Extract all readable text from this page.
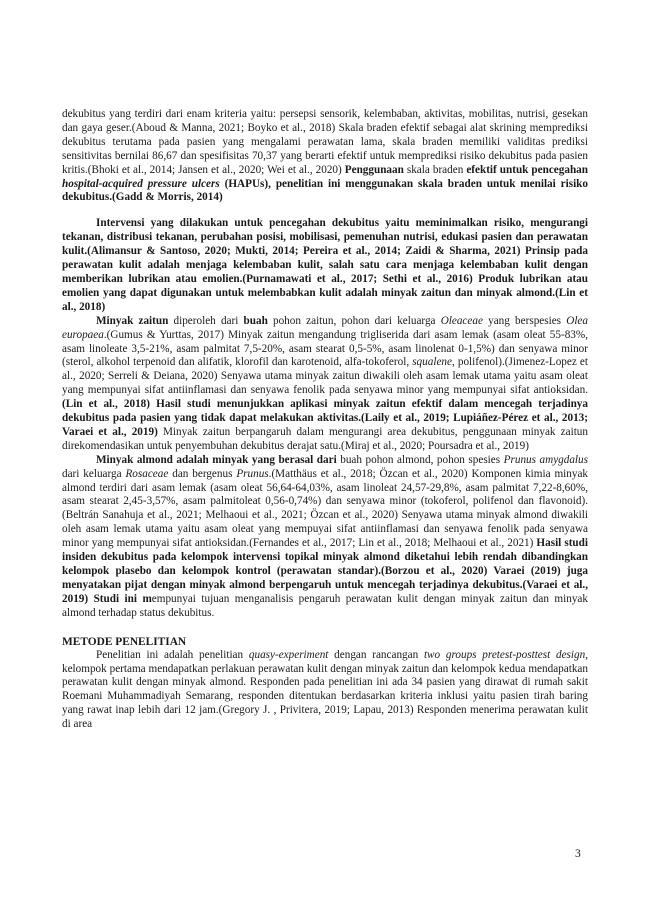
dekubitus yang terdiri dari enam kriteria yaitu: persepsi sensorik, kelembaban, aktivitas, mobilitas, nutrisi, gesekan dan gaya geser.(Aboud & Manna, 2021; Boyko et al., 2018) Skala braden efektif sebagai alat skrining memprediksi dekubitus terutama pada pasien yang mengalami perawatan lama, skala braden memiliki validitas prediksi sensitivitas bernilai 86,67 dan spesifisitas 70,37 yang berarti efektif untuk memprediksi risiko dekubitus pada pasien kritis.(Bhoki et al., 2014; Jansen et al., 2020; Wei et al., 2020) Penggunaan skala braden efektif untuk pencegahan hospital-acquired pressure ulcers (HAPUs), penelitian ini menggunakan skala braden untuk menilai risiko dekubitus.(Gadd & Morris, 2014)

Intervensi yang dilakukan untuk pencegahan dekubitus yaitu meminimalkan risiko, mengurangi tekanan, distribusi tekanan, perubahan posisi, mobilisasi, pemenuhan nutrisi, edukasi pasien dan perawatan kulit.(Alimansur & Santoso, 2020; Mukti, 2014; Pereira et al., 2014; Zaidi & Sharma, 2021) Prinsip pada perawatan kulit adalah menjaga kelembaban kulit, salah satu cara menjaga kelembaban kulit dengan memberikan lubrikan atau emolien.(Purnamawati et al., 2017; Sethi et al., 2016) Produk lubrikan atau emolien yang dapat digunakan untuk melembabkan kulit adalah minyak zaitun dan minyak almond.(Lin et al., 2018)

Minyak zaitun diperoleh dari buah pohon zaitun, pohon dari keluarga Oleaceae yang berspesies Olea europaea.(Gumus & Yurttas, 2017) Minyak zaitun mengandung trigliserida dari asam lemak (asam oleat 55-83%, asam linoleate 3,5-21%, asam palmitat 7,5-20%, asam stearat 0,5-5%, asam linolenat 0-1,5%) dan senyawa minor (sterol, alkohol terpenoid dan alifatik, klorofil dan karotenoid, alfa-tokoferol, squalene, polifenol).(Jimenez-Lopez et al., 2020; Serreli & Deiana, 2020) Senyawa utama minyak zaitun diwakili oleh asam lemak utama yaitu asam oleat yang mempunyai sifat antiinflamasi dan senyawa fenolik pada senyawa minor yang mempunyai sifat antioksidan.(Lin et al., 2018) Hasil studi menunjukkan aplikasi minyak zaitun efektif dalam mencegah terjadinya dekubitus pada pasien yang tidak dapat melakukan aktivitas.(Laily et al., 2019; Lupiáñez-Pérez et al., 2013; Varaei et al., 2019) Minyak zaitun berpangaruh dalam mengurangi area dekubitus, penggunaan minyak zaitun direkomendasikan untuk penyembuhan dekubitus derajat satu.(Miraj et al., 2020; Poursadra et al., 2019)

Minyak almond adalah minyak yang berasal dari buah pohon almond, pohon spesies Prunus amygdalus dari keluarga Rosaceae dan bergenus Prunus.(Matthäus et al., 2018; Özcan et al., 2020) Komponen kimia minyak almond terdiri dari asam lemak (asam oleat 56,64-64,03%, asam linoleat 24,57-29,8%, asam palmitat 7,22-8,60%, asam stearat 2,45-3,57%, asam palmitoleat 0,56-0,74%) dan senyawa minor (tokoferol, polifenol dan flavonoid).(Beltrán Sanahuja et al., 2021; Melhaoui et al., 2021; Özcan et al., 2020) Senyawa utama minyak almond diwakili oleh asam lemak utama yaitu asam oleat yang mempuyai sifat antiinflamasi dan senyawa fenolik pada senyawa minor yang mempunyai sifat antioksidan.(Fernandes et al., 2017; Lin et al., 2018; Melhaoui et al., 2021) Hasil studi insiden dekubitus pada kelompok intervensi topikal minyak almond diketahui lebih rendah dibandingkan kelompok plasebo dan kelompok kontrol (perawatan standar).(Borzou et al., 2020) Varaei (2019) juga menyatakan pijat dengan minyak almond berpengaruh untuk mencegah terjadinya dekubitus.(Varaei et al., 2019) Studi ini mempunyai tujuan menganalisis pengaruh perawatan kulit dengan minyak zaitun dan minyak almond terhadap status dekubitus.

METODE PENELITIAN

Penelitian ini adalah penelitian quasy-experiment dengan rancangan two groups pretest-posttest design, kelompok pertama mendapatkan perlakuan perawatan kulit dengan minyak zaitun dan kelompok kedua mendapatkan perawatan kulit dengan minyak almond. Responden pada penelitian ini ada 34 pasien yang dirawat di rumah sakit Roemani Muhammadiyah Semarang, responden ditentukan berdasarkan kriteria inklusi yaitu pasien tirah baring yang rawat inap lebih dari 12 jam.(Gregory J. , Privitera, 2019; Lapau, 2013) Responden menerima perawatan kulit di area

3
